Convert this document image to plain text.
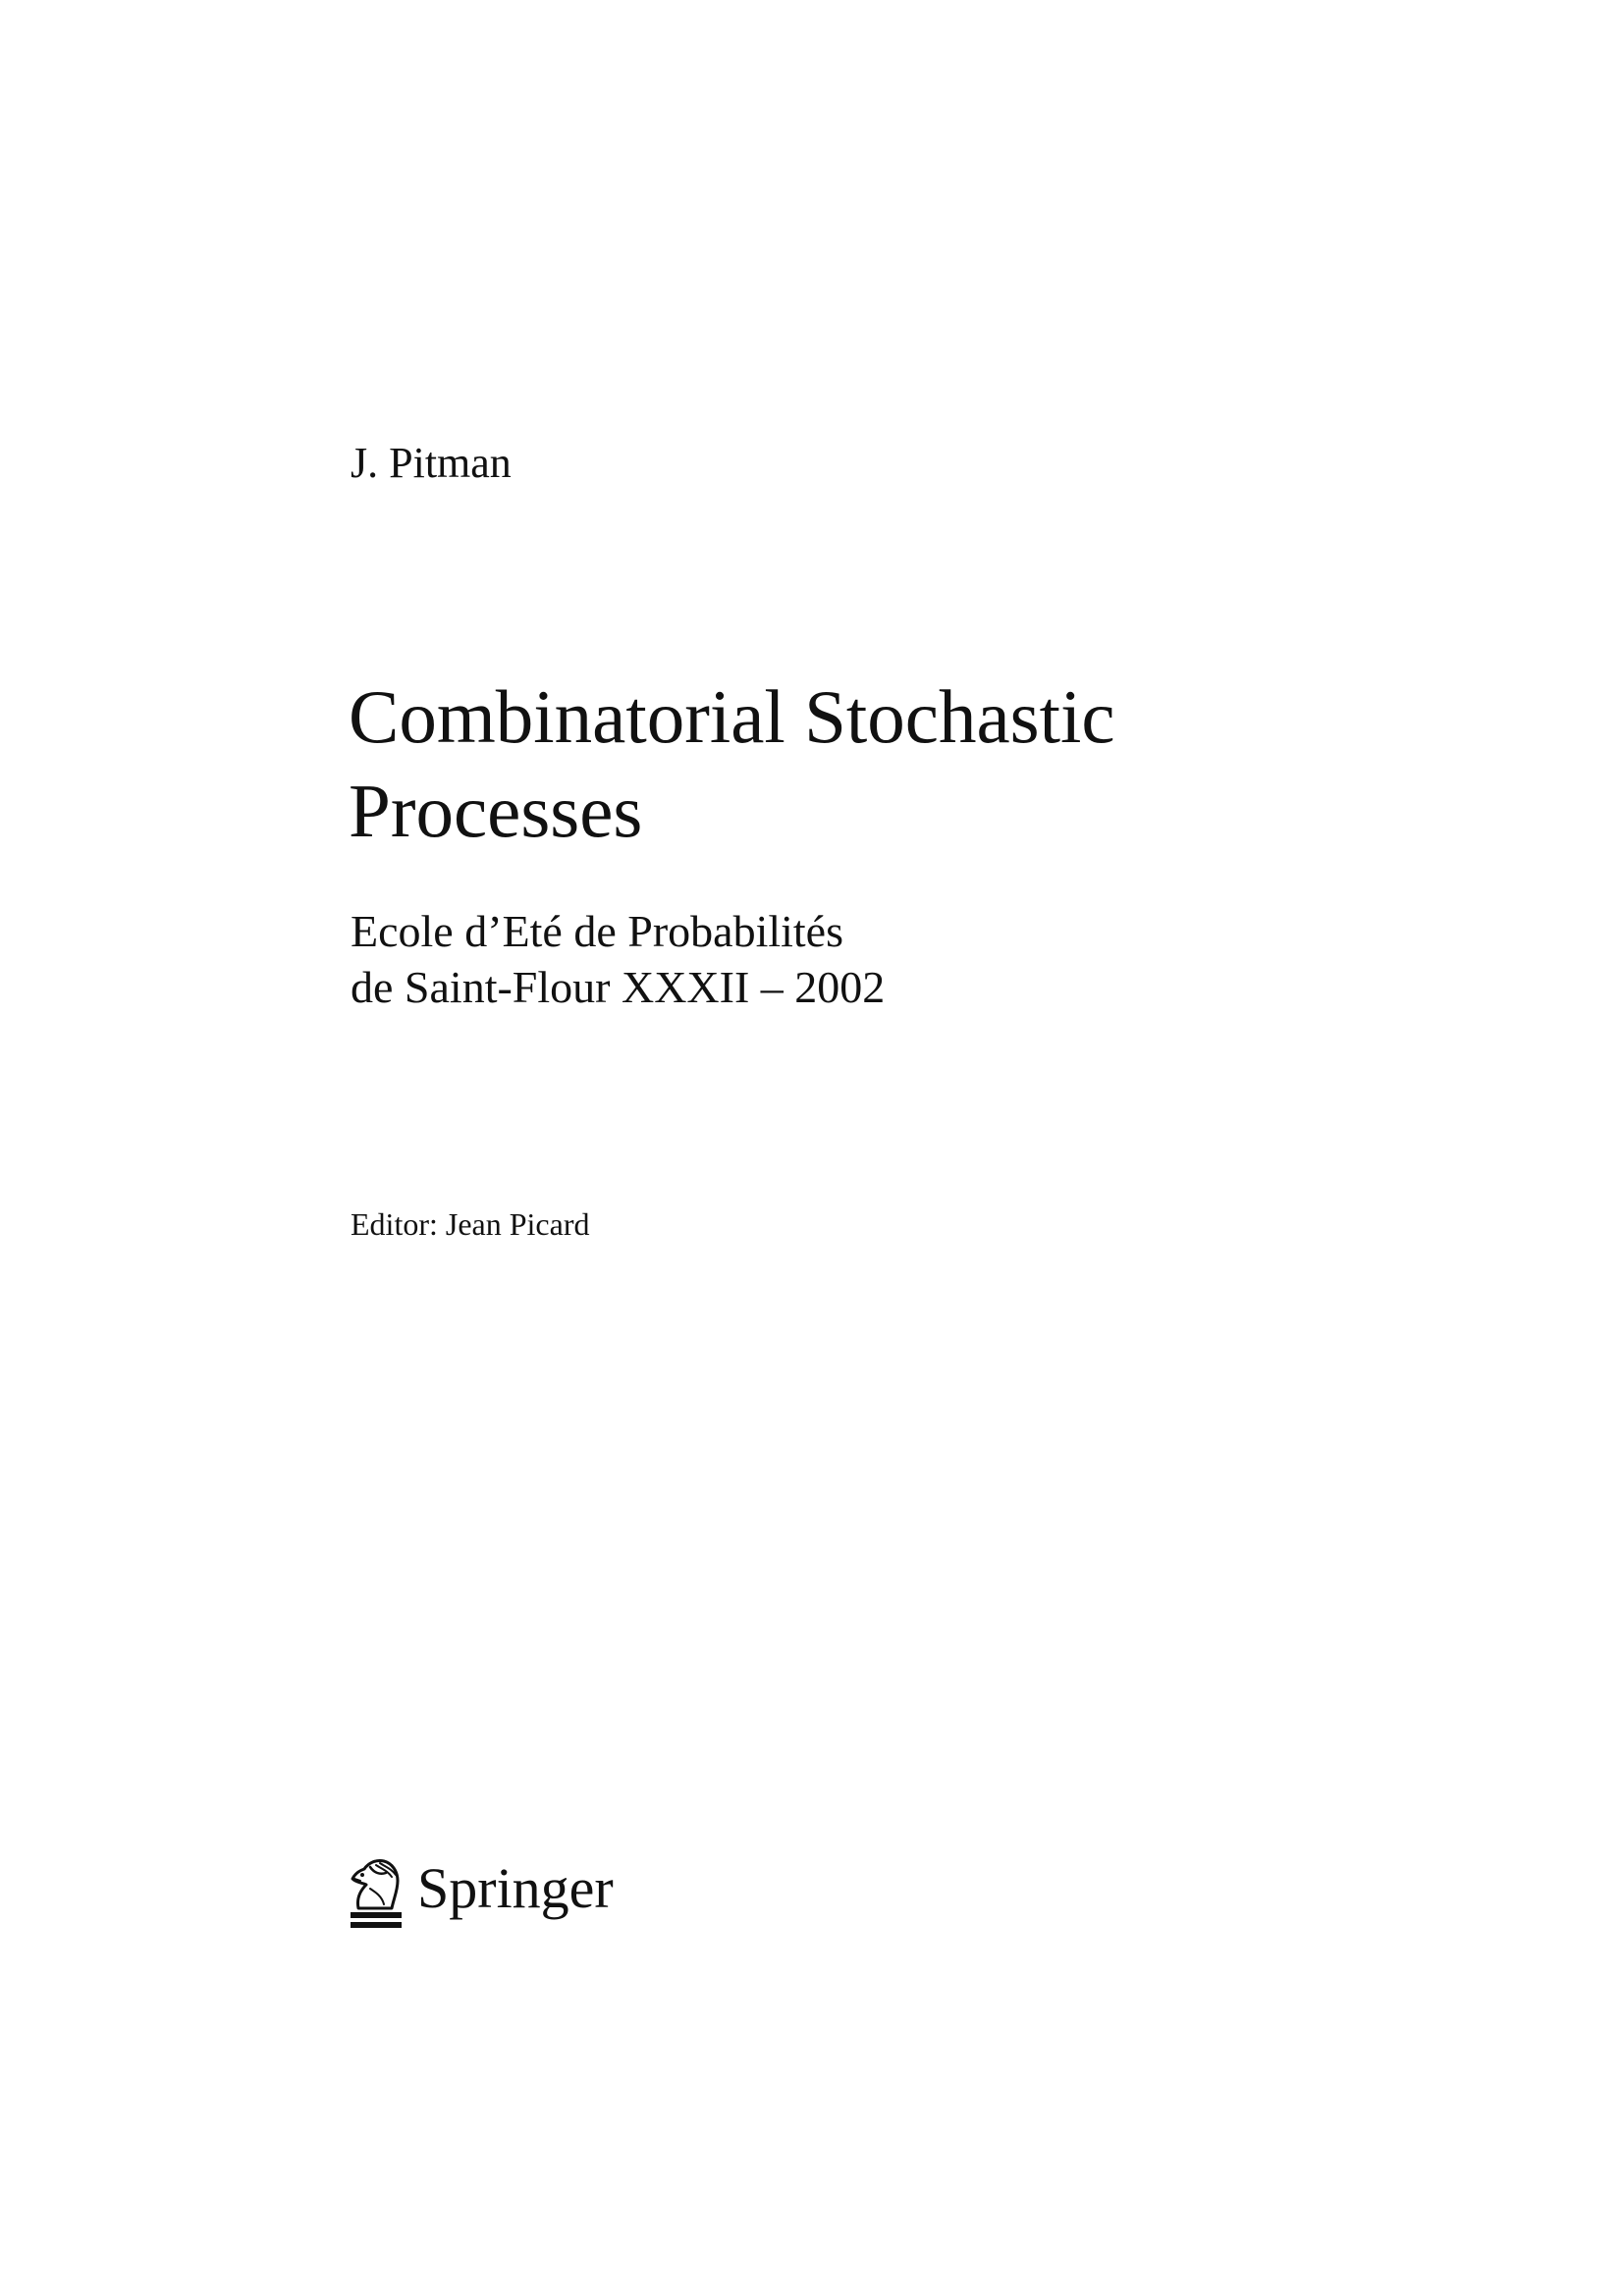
J. Pitman
Combinatorial Stochastic
Processes
Ecole d’Eté de Probabilités
de Saint-Flour XXXII – 2002
Editor: Jean Picard
Springer
